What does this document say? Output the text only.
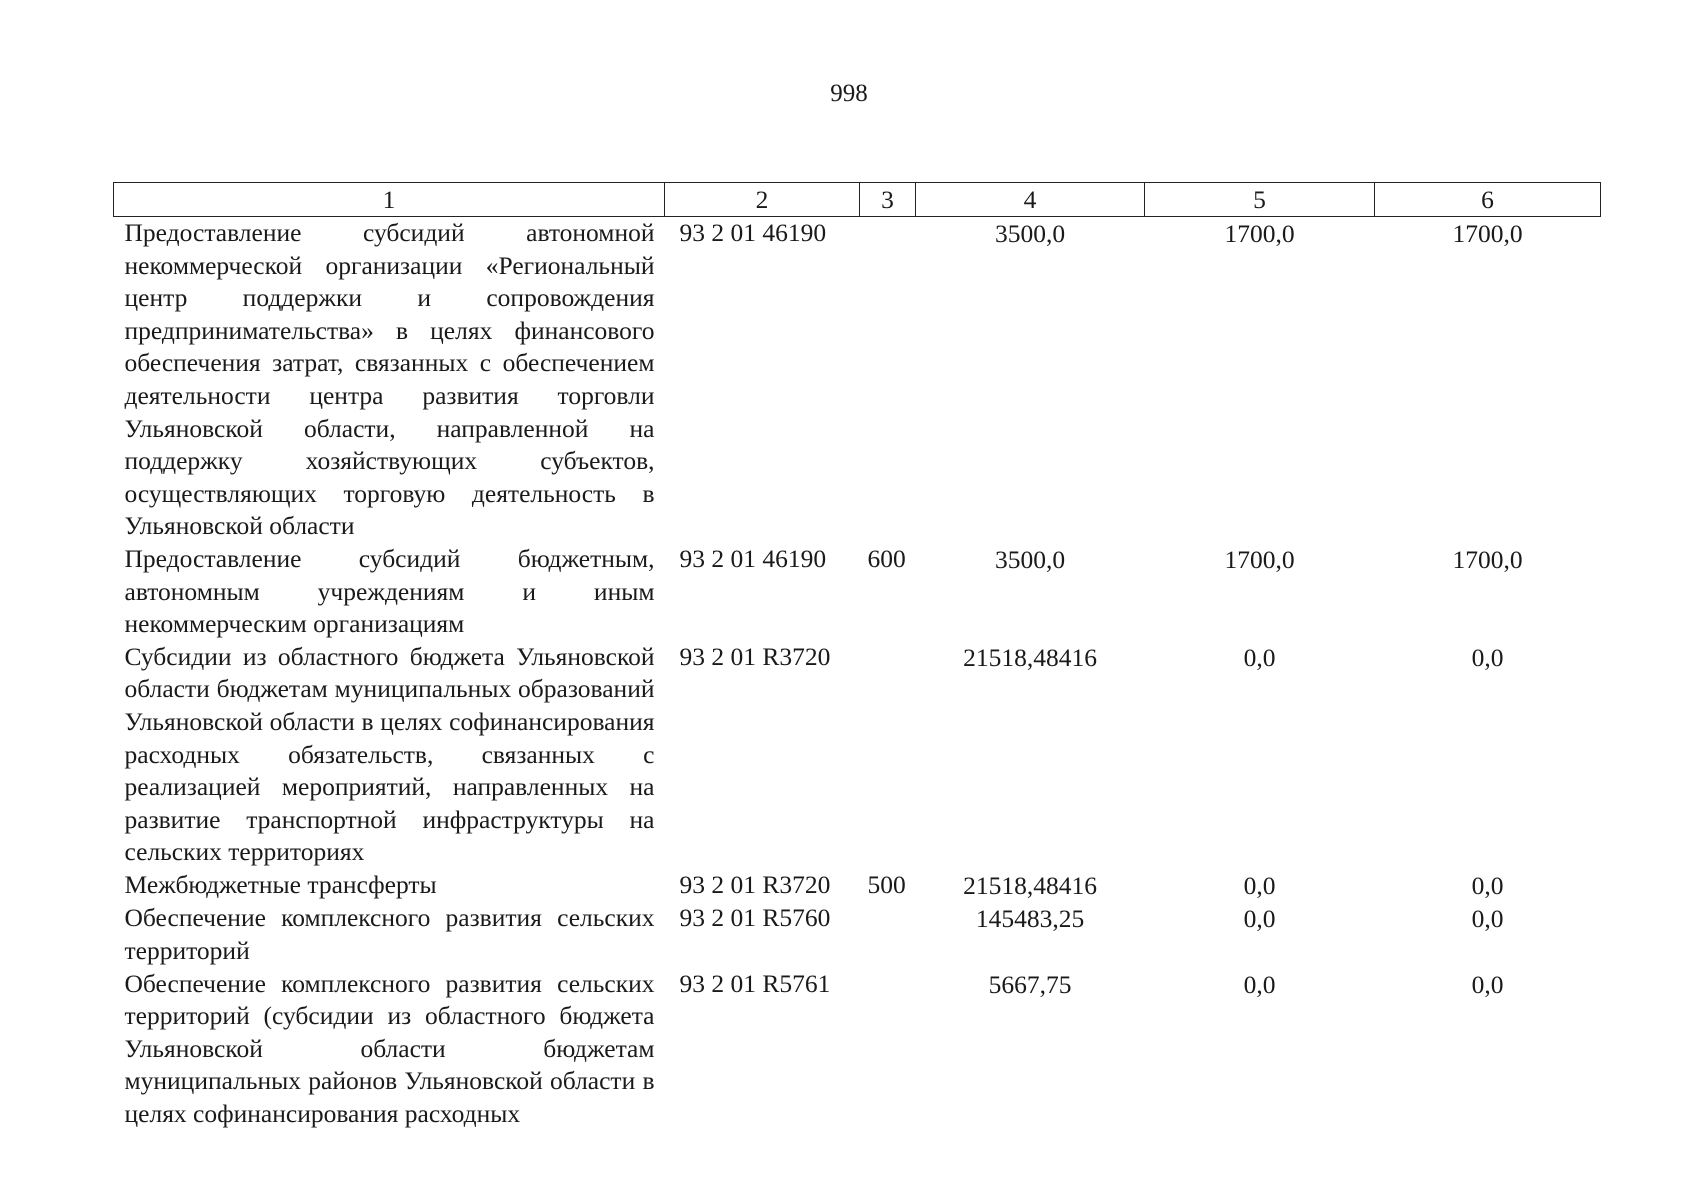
998
1	2	3	4	5	6
Предоставление субсидий автономной некоммерческой организации «Региональный центр поддержки и сопровождения предпринимательства» в целях финансового обеспечения затрат, связанных с обеспечением деятельности центра развития торговли Ульяновской области, направленной на поддержку хозяйствующих субъектов, осуществляющих торговую деятельность в Ульяновской области	93 2 01 46190		3500,0	1700,0	1700,0
Предоставление субсидий бюджетным, автономным учреждениям и иным некоммерческим организациям	93 2 01 46190	600	3500,0	1700,0	1700,0
Субсидии из областного бюджета Ульяновской области бюджетам муниципальных образований Ульяновской области в целях софинансирования расходных обязательств, связанных с реализацией мероприятий, направленных на развитие транспортной инфраструктуры на сельских территориях	93 2 01 R3720		21518,48416	0,0	0,0
Межбюджетные трансферты	93 2 01 R3720	500	21518,48416	0,0	0,0
Обеспечение комплексного развития сельских территорий	93 2 01 R5760		145483,25	0,0	0,0
Обеспечение комплексного развития сельских территорий (субсидии из областного бюджета Ульяновской области бюджетам муниципальных районов Ульяновской области в целях софинансирования расходных	93 2 01 R5761		5667,75	0,0	0,0
